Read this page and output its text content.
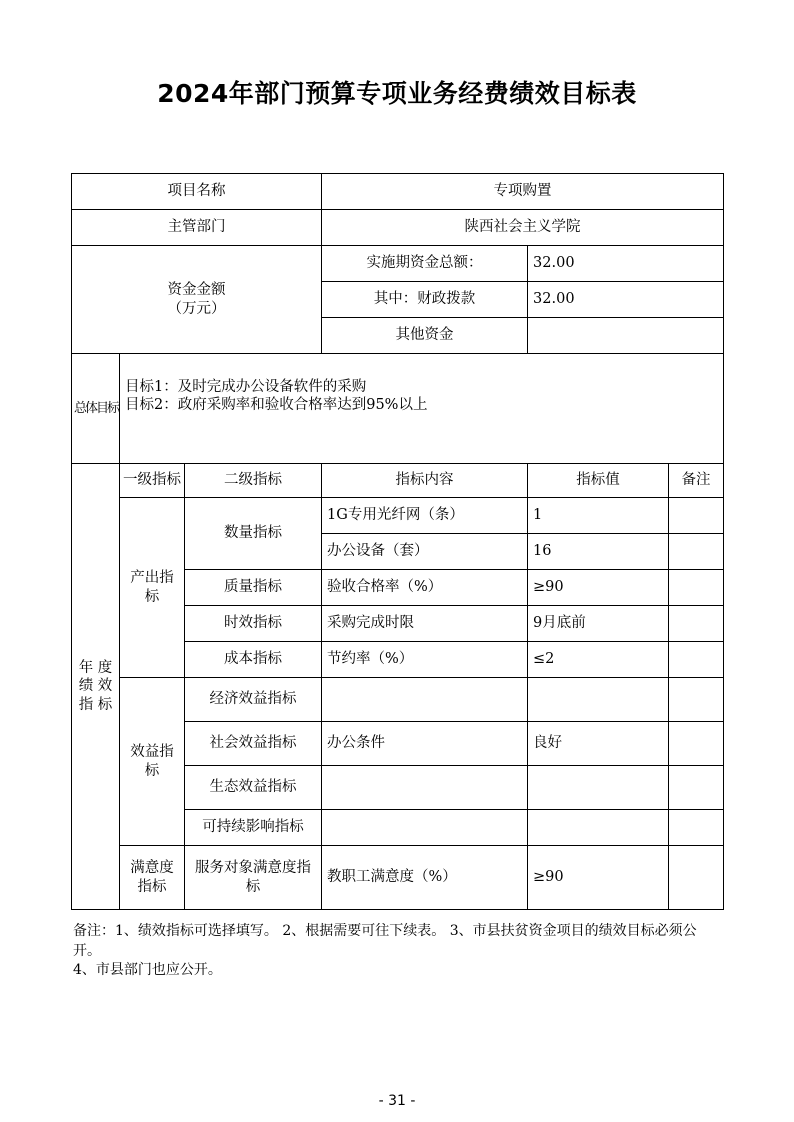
2024年部门预算专项业务经费绩效目标表
项目名称			专项购置		
主管部门			陕西社会主义学院		

资金金额
（万元）			实施期资金总额：	32.00	
			其中：财政拨款	32.00	
			其他资金		

总体目标	目标1：及时完成办公设备软件的采购
目标2：政府采购率和验收合格率达到95%以上				

年 度 绩 效 指 标	一级指标	二级指标	指标内容	指标值	备注
	产出指标	数量指标	1G专用光纤网（条）	1	
			办公设备（套）	16	
		质量指标	验收合格率（%）	≥90	
		时效指标	采购完成时限	9月底前	
		成本指标	节约率（%）	≤2	
	效益指标	经济效益指标			
		社会效益指标	办公条件	良好	
		生态效益指标			
		可持续影响指标			
	满意度指标	服务对象满意度指标	教职工满意度（%）	≥90	
备注：1、绩效指标可选择填写。 2、根据需要可往下续表。 3、市县扶贫资金项目的绩效目标必须公开。
4、市县部门也应公开。
- 31 -
